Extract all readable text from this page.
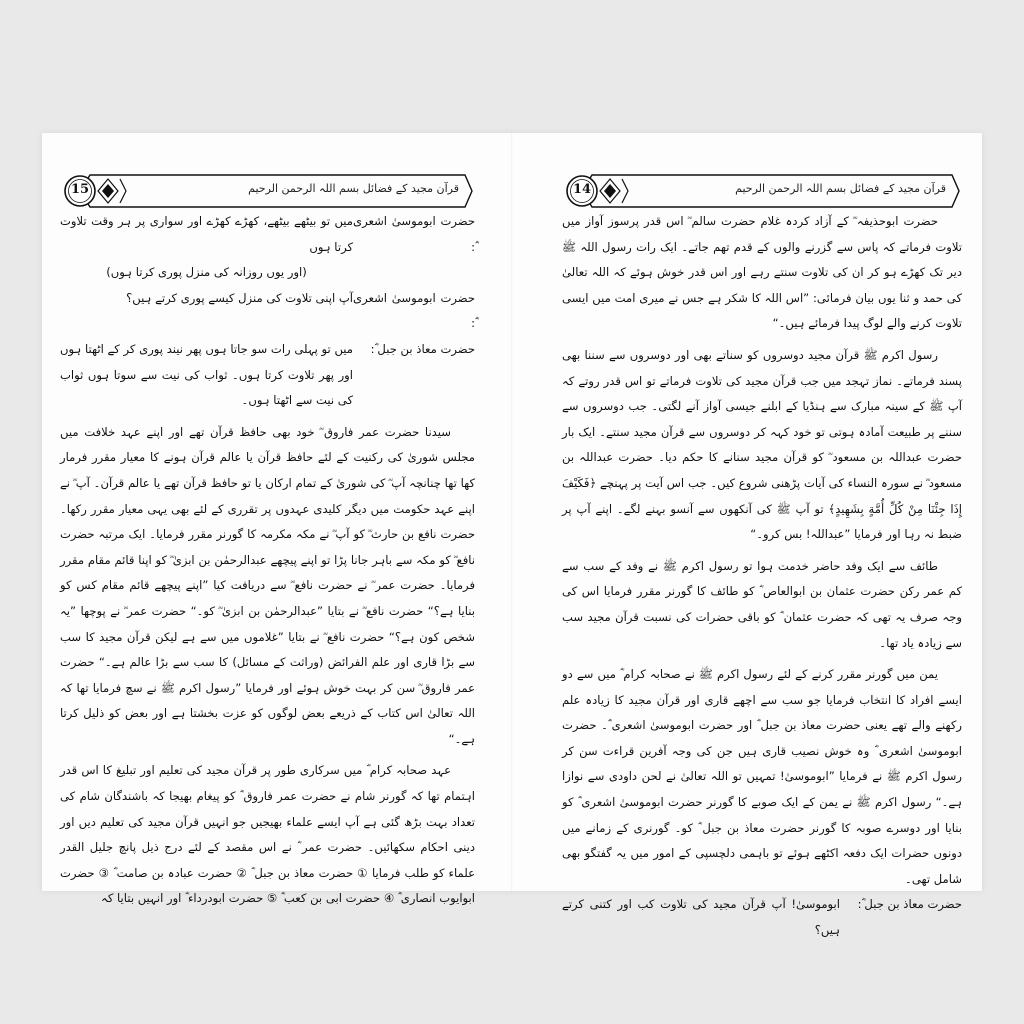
15	قرآن مجید کے فضائل بسم اللہ الرحمن الرحیم
حضرت ابوموسیٰ اشعری ؓ:
میں تو بیٹھے بیٹھے، کھڑے کھڑے اور سواری پر ہر وقت تلاوت کرتا ہوں
(اور یوں روزانہ کی منزل پوری کرتا ہوں)
حضرت ابوموسیٰ اشعری ؓ:
آپ اپنی تلاوت کی منزل کیسے پوری کرتے ہیں؟
حضرت معاذ بن جبل ؓ:
میں تو پہلی رات سو جاتا ہوں پھر نیند پوری کر کے اٹھتا ہوں اور پھر تلاوت کرتا ہوں۔ ثواب کی نیت سے سوتا ہوں ثواب کی نیت سے اٹھتا ہوں۔

سیدنا حضرت عمر فاروق ؓ خود بھی حافظ قرآن تھے اور اپنے عہد خلافت میں مجلس شوریٰ کی رکنیت کے لئے حافظ قرآن یا عالم قرآن ہونے کا معیار مقرر فرمار کھا تھا چنانچہ آپ ؓ کی شوریٰ کے تمام ارکان یا تو حافظ قرآن تھے یا عالم قرآن۔ آپ ؓ نے اپنے عہد حکومت میں دیگر کلیدی عہدوں پر تقرری کے لئے بھی یہی معیار مقرر رکھا۔ حضرت نافع بن حارث ؓ کو آپ ؓ نے مکہ مکرمہ کا گورنر مقرر فرمایا۔ ایک مرتبہ حضرت نافع ؓ کو مکہ سے باہر جانا پڑا تو اپنے پیچھے عبدالرحمٰن بن ابزیٰ ؓ کو اپنا قائم مقام مقرر فرمایا۔ حضرت عمر ؓ نے حضرت نافع ؓ سے دریافت کیا ”اپنے پیچھے قائم مقام کس کو بنایا ہے؟“ حضرت نافع ؓ نے بتایا ”عبدالرحمٰن بن ابزیٰ ؓ کو۔“ حضرت عمر ؓ نے پوچھا ”یہ شخص کون ہے؟“ حضرت نافع ؓ نے بتایا ”غلاموں میں سے ہے لیکن قرآن مجید کا سب سے بڑا قاری اور علم الفرائض (وراثت کے مسائل) کا سب سے بڑا عالم ہے۔“ حضرت عمر فاروق ؓ سن کر بہت خوش ہوئے اور فرمایا ”رسول اکرم ﷺ نے سچ فرمایا تھا کہ اللہ تعالیٰ اس کتاب کے ذریعے بعض لوگوں کو عزت بخشتا ہے اور بعض کو ذلیل کرتا ہے۔“

عہد صحابہ کرام ؓ میں سرکاری طور پر قرآن مجید کی تعلیم اور تبلیغ کا اس قدر اہتمام تھا کہ گورنر شام نے حضرت عمر فاروق ؓ کو پیغام بھیجا کہ باشندگان شام کی تعداد بہت بڑھ گئی ہے آپ ایسے علماء بھیجیں جو انہیں قرآن مجید کی تعلیم دیں اور دینی احکام سکھائیں۔ حضرت عمر ؓ نے اس مقصد کے لئے درج ذیل پانچ جلیل القدر علماء کو طلب فرمایا ① حضرت معاذ بن جبل ؓ ② حضرت عبادہ بن صامت ؓ ③ حضرت ابوایوب انصاری ؓ ④ حضرت ابی بن کعب ؓ ⑤ حضرت ابودرداء ؓ اور انہیں بتایا کہ

14	قرآن مجید کے فضائل بسم اللہ الرحمن الرحیم

حضرت ابوحذیفہ ؓ کے آزاد کردہ غلام حضرت سالم ؓ اس قدر پرسوز آواز میں تلاوت فرماتے کہ پاس سے گزرنے والوں کے قدم تھم جاتے۔ ایک رات رسول اللہ ﷺ دیر تک کھڑے ہو کر ان کی تلاوت سنتے رہے اور اس قدر خوش ہوئے کہ اللہ تعالیٰ کی حمد و ثنا یوں بیان فرمائی: ”اس اللہ کا شکر ہے جس نے میری امت میں ایسی تلاوت کرنے والے لوگ پیدا فرمائے ہیں۔“

رسول اکرم ﷺ قرآن مجید دوسروں کو سناتے بھی اور دوسروں سے سننا بھی پسند فرماتے۔ نماز تہجد میں جب قرآن مجید کی تلاوت فرماتے تو اس قدر روتے کہ آپ ﷺ کے سینہ مبارک سے ہنڈیا کے ابلنے جیسی آواز آنے لگتی۔ جب دوسروں سے سننے پر طبیعت آمادہ ہوتی تو خود کہہ کر دوسروں سے قرآن مجید سنتے۔ ایک بار حضرت عبداللہ بن مسعود ؓ کو قرآن مجید سنانے کا حکم دیا۔ حضرت عبداللہ بن مسعود ؓ نے سورہ النساء کی آیات پڑھنی شروع کیں۔ جب اس آیت پر پہنچے ﴿فَكَيْفَ إِذَا جِئْنَا مِنْ كُلِّ أُمَّةٍ بِشَهِيدٍ﴾ تو آپ ﷺ کی آنکھوں سے آنسو بہنے لگے۔ اپنے آپ پر ضبط نہ رہا اور فرمایا ”عبداللہ! بس کرو۔“

طائف سے ایک وفد حاضر خدمت ہوا تو رسول اکرم ﷺ نے وفد کے سب سے کم عمر رکن حضرت عثمان بن ابوالعاص ؓ کو طائف کا گورنر مقرر فرمایا اس کی وجہ صرف یہ تھی کہ حضرت عثمان ؓ کو باقی حضرات کی نسبت قرآن مجید سب سے زیادہ یاد تھا۔

یمن میں گورنر مقرر کرنے کے لئے رسول اکرم ﷺ نے صحابہ کرام ؓ میں سے دو ایسے افراد کا انتخاب فرمایا جو سب سے اچھے قاری اور قرآن مجید کا زیادہ علم رکھنے والے تھے یعنی حضرت معاذ بن جبل ؓ اور حضرت ابوموسیٰ اشعری ؓ۔ حضرت ابوموسیٰ اشعری ؓ وہ خوش نصیب قاری ہیں جن کی وجہ آفرین قراءت سن کر رسول اکرم ﷺ نے فرمایا ”ابوموسیٰ! تمہیں تو اللہ تعالیٰ نے لحن داودی سے نوازا ہے۔“ رسول اکرم ﷺ نے یمن کے ایک صوبے کا گورنر حضرت ابوموسیٰ اشعری ؓ کو بنایا اور دوسرے صوبہ کا گورنر حضرت معاذ بن جبل ؓ کو۔ گورنری کے زمانے میں دونوں حضرات ایک دفعہ اکٹھے ہوئے تو باہمی دلچسپی کے امور میں یہ گفتگو بھی شامل تھی۔

حضرت معاذ بن جبل ؓ:
ابوموسیٰ! آپ قرآن مجید کی تلاوت کب اور کتنی کرتے ہیں؟
